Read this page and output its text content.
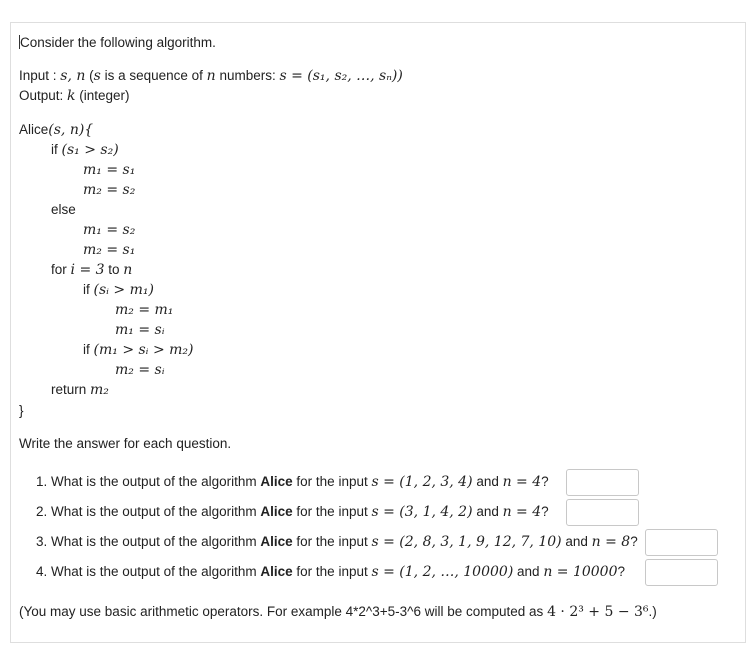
Consider the following algorithm.
Input : s, n (s is a sequence of n numbers: s = (s₁, s₂, …, sₙ))
Output: k (integer)
Alice(s, n){
if (s₁ > s₂)
m₁ = s₁
m₂ = s₂
else
m₁ = s₂
m₂ = s₁
for i = 3 to n
if (sᵢ > m₁)
m₂ = m₁
m₁ = sᵢ
if (m₁ > sᵢ > m₂)
m₂ = sᵢ
return m₂
}
Write the answer for each question.
1. What is the output of the algorithm Alice for the input s = (1, 2, 3, 4) and n = 4?
2. What is the output of the algorithm Alice for the input s = (3, 1, 4, 2) and n = 4?
3. What is the output of the algorithm Alice for the input s = (2, 8, 3, 1, 9, 12, 7, 10) and n = 8?
4. What is the output of the algorithm Alice for the input s = (1, 2, …, 10000) and n = 10000?
(You may use basic arithmetic operators. For example 4*2^3+5-3^6 will be computed as 4 · 2³ + 5 − 3⁶.)
